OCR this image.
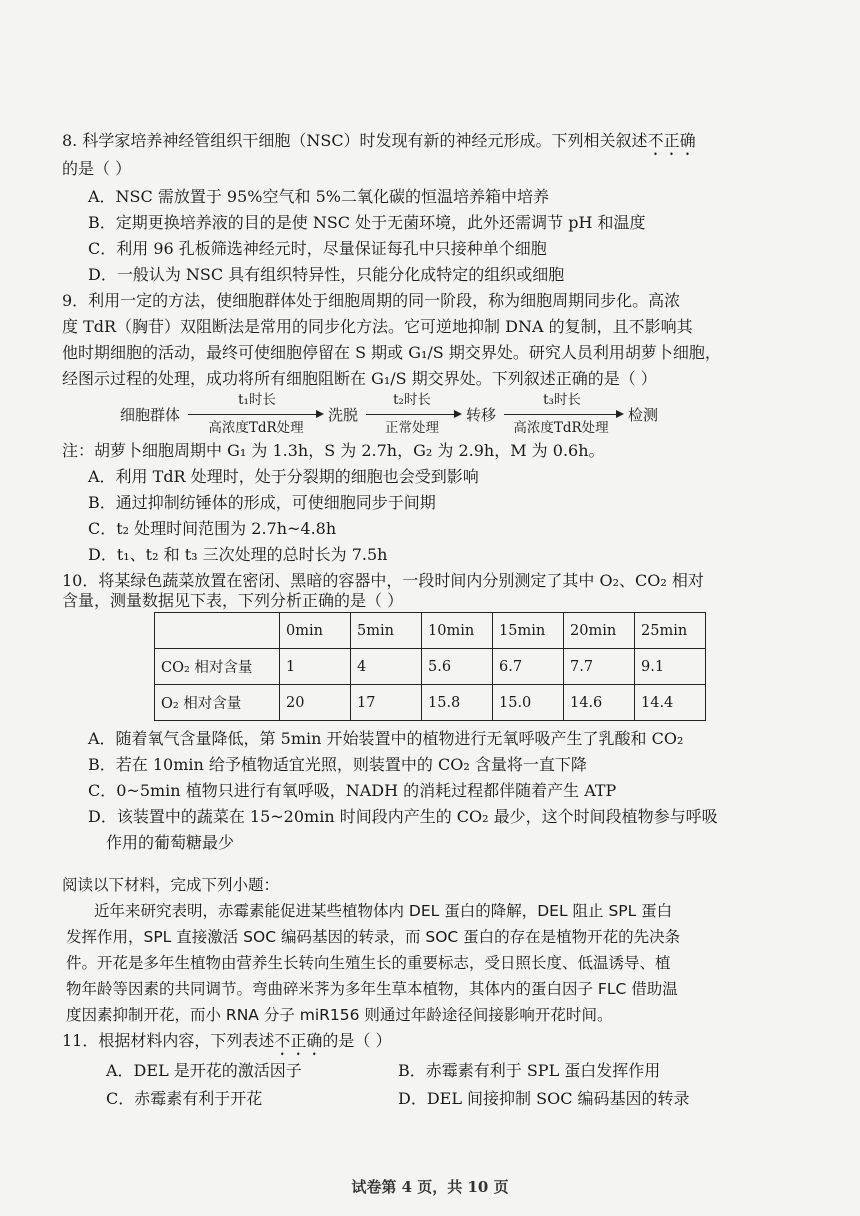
8. 科学家培养神经管组织干细胞（NSC）时发现有新的神经元形成。下列相关叙述不正确
的是（ ）
A．NSC 需放置于 95%空气和 5%二氧化碳的恒温培养箱中培养
B．定期更换培养液的目的是使 NSC 处于无菌环境，此外还需调节 pH 和温度
C．利用 96 孔板筛选神经元时，尽量保证每孔中只接种单个细胞
D．一般认为 NSC 具有组织特异性，只能分化成特定的组织或细胞
9．利用一定的方法，使细胞群体处于细胞周期的同一阶段，称为细胞周期同步化。高浓
度 TdR（胸苷）双阻断法是常用的同步化方法。它可逆地抑制 DNA 的复制，且不影响其
他时期细胞的活动，最终可使细胞停留在 S 期或 G₁/S 期交界处。研究人员利用胡萝卜细胞，
经图示过程的处理，成功将所有细胞阻断在 G₁/S 期交界处。下列叙述正确的是（ ）
细胞群体
t₁时长
高浓度TdR处理
洗脱
t₂时长
正常处理
转移
t₃时长
高浓度TdR处理
检测
注：胡萝卜细胞周期中 G₁ 为 1.3h，S 为 2.7h，G₂ 为 2.9h，M 为 0.6h。
A．利用 TdR 处理时，处于分裂期的细胞也会受到影响
B．通过抑制纺锤体的形成，可使细胞同步于间期
C．t₂ 处理时间范围为 2.7h~4.8h
D．t₁、t₂ 和 t₃ 三次处理的总时长为 7.5h
10．将某绿色蔬菜放置在密闭、黑暗的容器中，一段时间内分别测定了其中 O₂、CO₂ 相对
含量，测量数据见下表，下列分析正确的是（ ）
	0min	5min	10min	15min	20min	25min
CO₂ 相对含量	1	4	5.6	6.7	7.7	9.1
O₂ 相对含量	20	17	15.8	15.0	14.6	14.4
A．随着氧气含量降低，第 5min 开始装置中的植物进行无氧呼吸产生了乳酸和 CO₂
B．若在 10min 给予植物适宜光照，则装置中的 CO₂ 含量将一直下降
C．0~5min 植物只进行有氧呼吸，NADH 的消耗过程都伴随着产生 ATP
D．该装置中的蔬菜在 15~20min 时间段内产生的 CO₂ 最少，这个时间段植物参与呼吸
作用的葡萄糖最少
阅读以下材料，完成下列小题：
近年来研究表明，赤霉素能促进某些植物体内 DEL 蛋白的降解，DEL 阻止 SPL 蛋白
发挥作用，SPL 直接激活 SOC 编码基因的转录，而 SOC 蛋白的存在是植物开花的先决条
件。开花是多年生植物由营养生长转向生殖生长的重要标志，受日照长度、低温诱导、植
物年龄等因素的共同调节。弯曲碎米荠为多年生草本植物，其体内的蛋白因子 FLC 借助温
度因素抑制开花，而小 RNA 分子 miR156 则通过年龄途径间接影响开花时间。
11．根据材料内容，下列表述不正确的是（ ）
A．DEL 是开花的激活因子	B．赤霉素有利于 SPL 蛋白发挥作用
C．赤霉素有利于开花	D．DEL 间接抑制 SOC 编码基因的转录
试卷第 4 页，共 10 页
